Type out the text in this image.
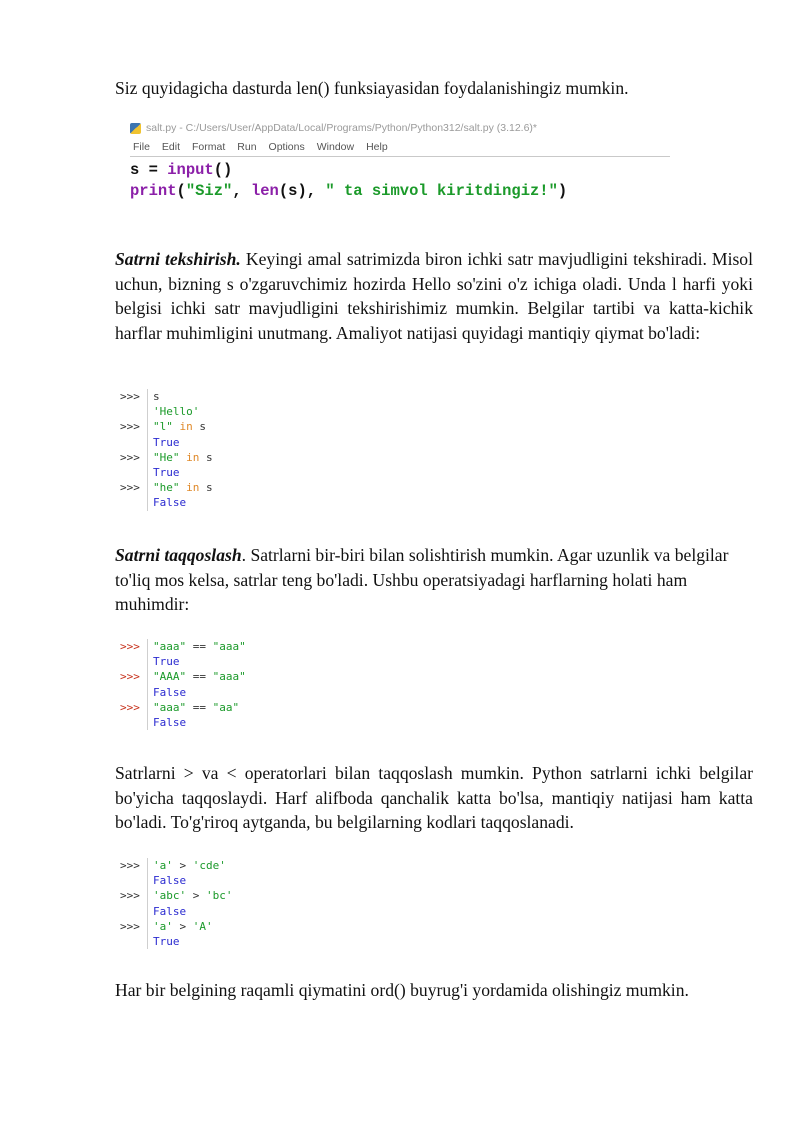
Siz quyidagicha dasturda len() funksiayasidan foydalanishingiz mumkin.

salt.py - C:/Users/User/AppData/Local/Programs/Python/Python312/salt.py (3.12.6)*
File Edit Format Run Options Window Help
s = input()
print("Siz", len(s), " ta simvol kiritdingiz!")

Satrni tekshirish. Keyingi amal satrimizda biron ichki satr mavjudligini tekshiradi. Misol uchun, bizning s o'zgaruvchimiz hozirda Hello so'zini o'z ichiga oladi. Unda l harfi yoki belgisi ichki satr mavjudligini tekshirishimiz mumkin. Belgilar tartibi va katta-kichik harflar muhimligini unutmang. Amaliyot natijasi quyidagi mantiqiy qiymat bo'ladi:

>>>

>>>

>>>

>>>

s
'Hello'
"l" in s
True
"He" in s
True
"he" in s
False

Satrni taqqoslash. Satrlarni bir-biri bilan solishtirish mumkin. Agar uzunlik va belgilar to'liq mos kelsa, satrlar teng bo'ladi. Ushbu operatsiyadagi harflarning holati ham muhimdir:

>>>

>>>

>>>

"aaa" == "aaa"
True
"AAA" == "aaa"
False
"aaa" == "aa"
False

Satrlarni > va < operatorlari bilan taqqoslash mumkin. Python satrlarni ichki belgilar bo'yicha taqqoslaydi. Harf alifboda qanchalik katta bo'lsa, mantiqiy natijasi ham katta bo'ladi. To'g'riroq aytganda, bu belgilarning kodlari taqqoslanadi.

>>>

>>>

>>>

'a' > 'cde'
False
'abc' > 'bc'
False
'a' > 'A'
True

Har bir belgining raqamli qiymatini ord() buyrug'i yordamida olishingiz mumkin.
